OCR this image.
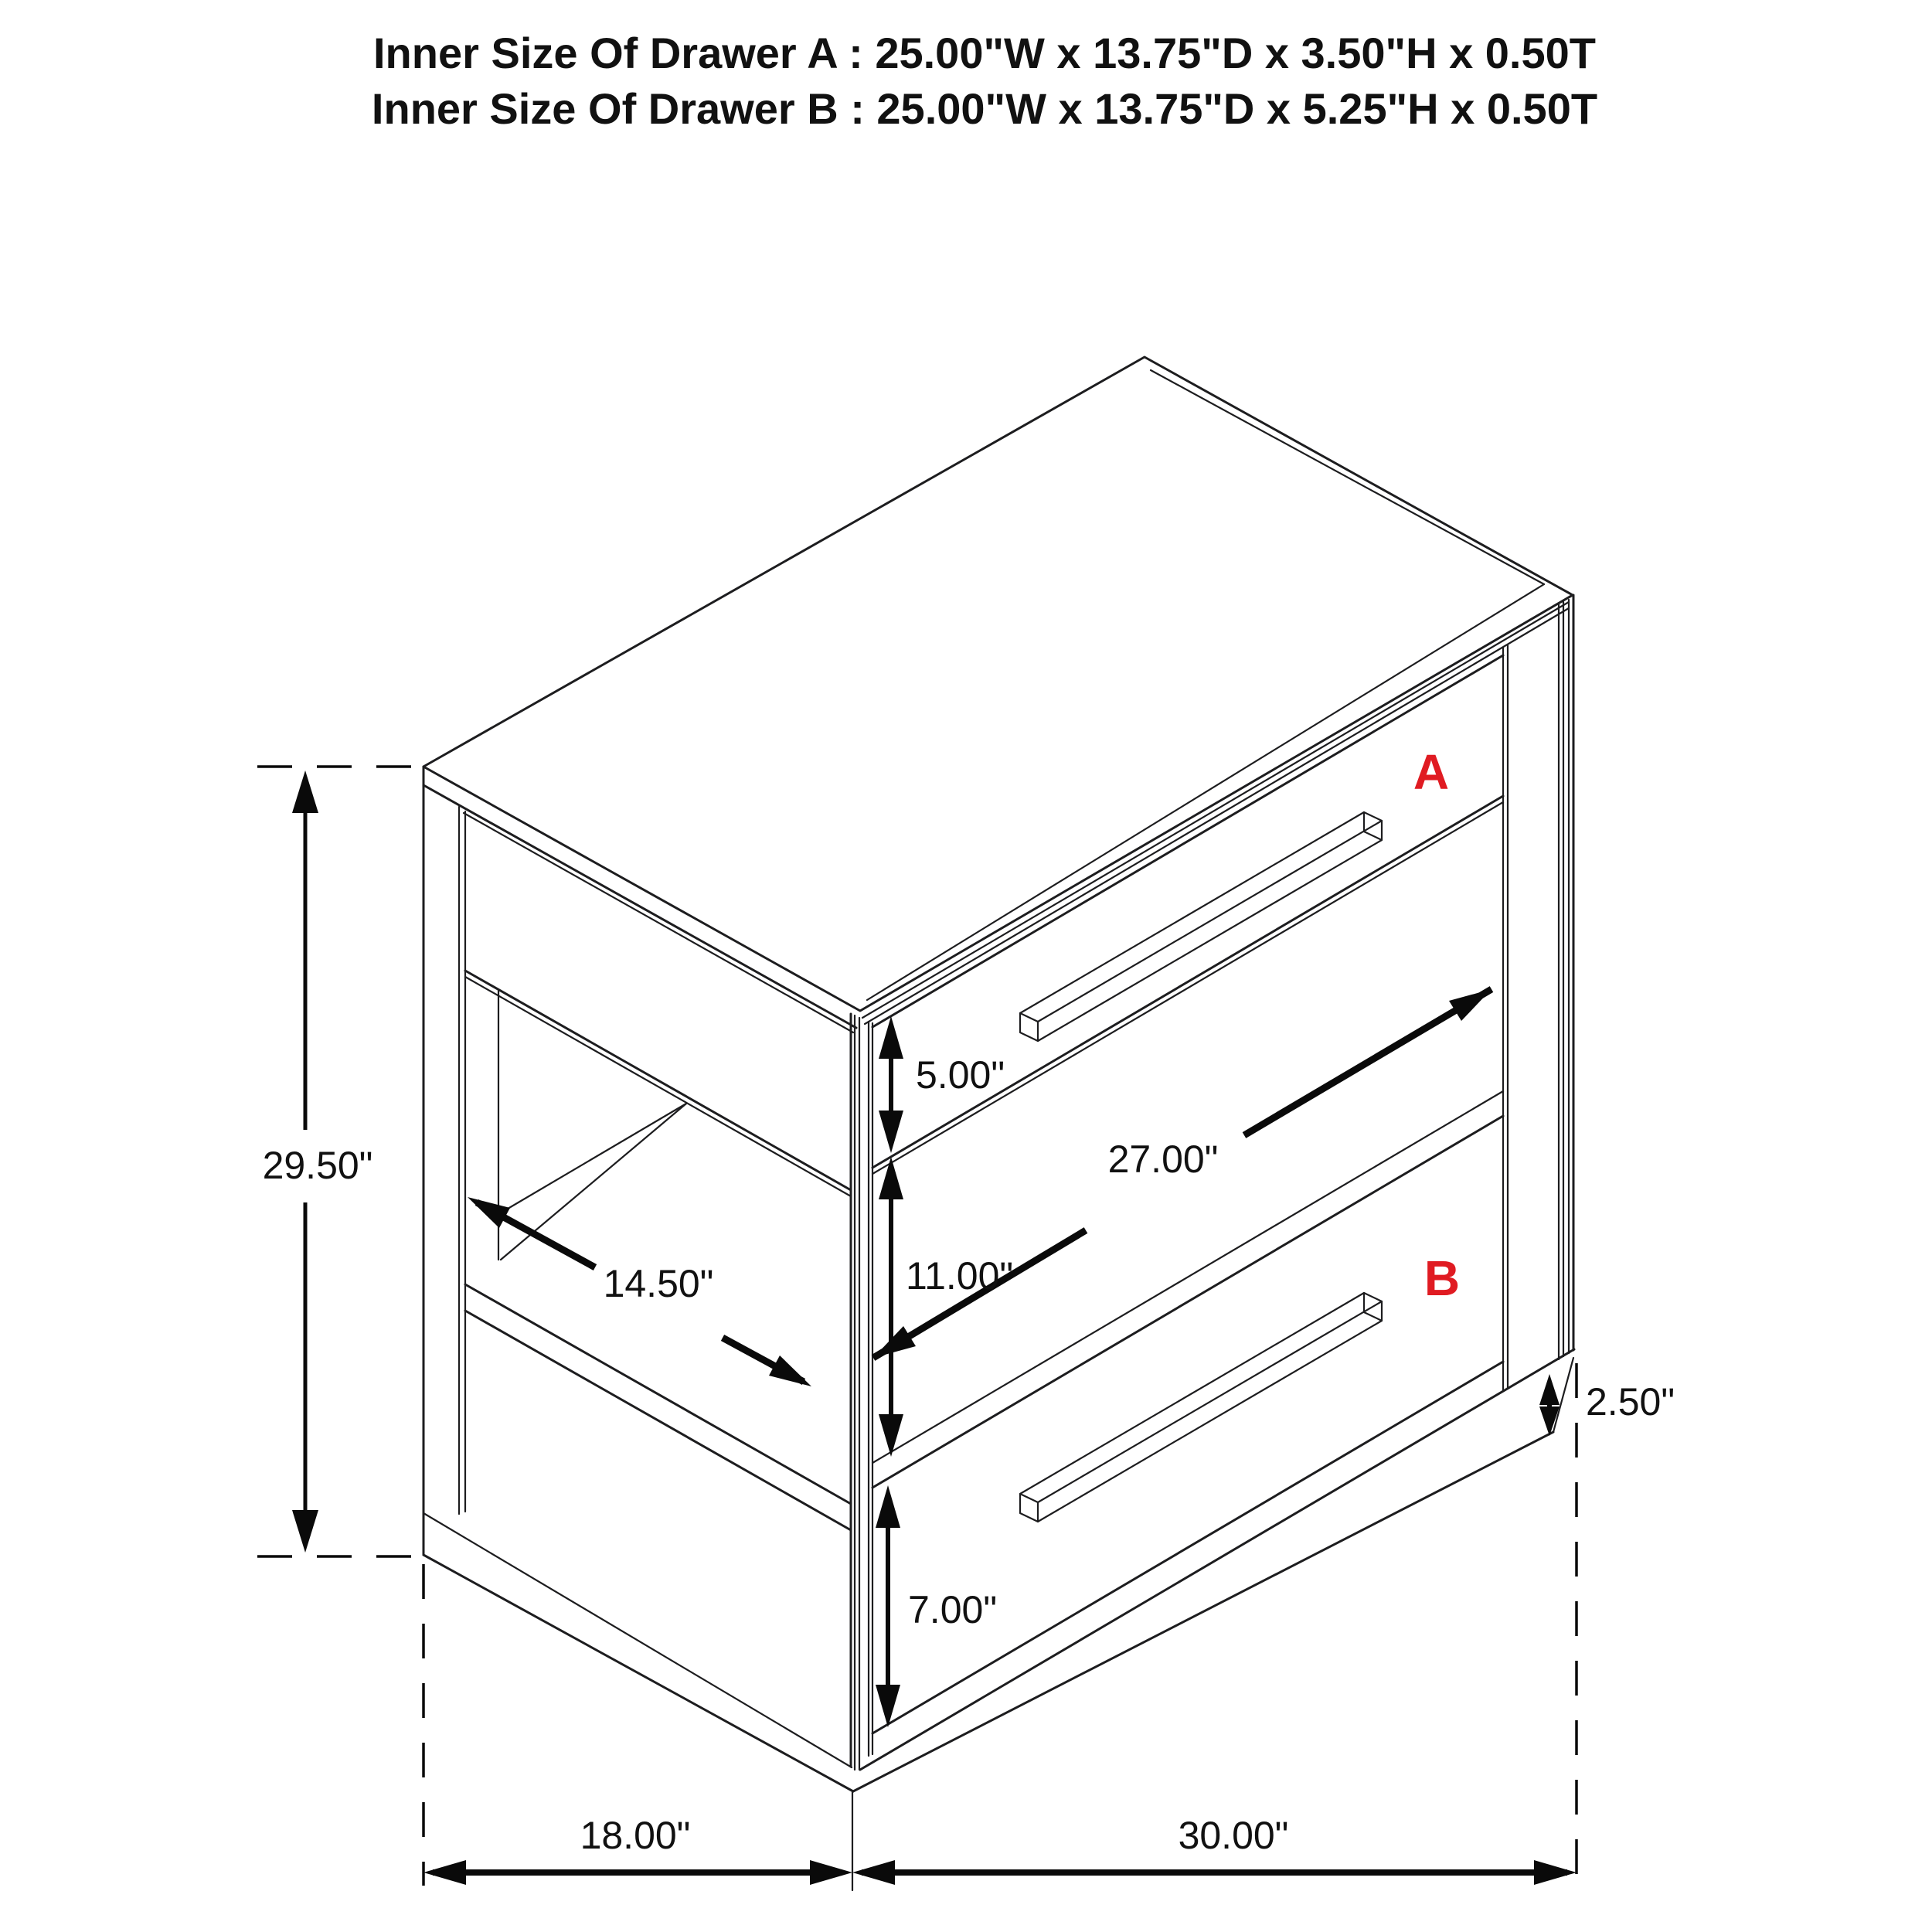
Inner Size Of Drawer A : 25.00"W x 13.75"D x 3.50"H x 0.50T
Inner Size Of Drawer B : 25.00"W x 13.75"D x 5.25"H x 0.50T
A
B
29.50"
14.50"
5.00"
27.00"
11.00"
7.00"
2.50"
18.00"	30.00"
